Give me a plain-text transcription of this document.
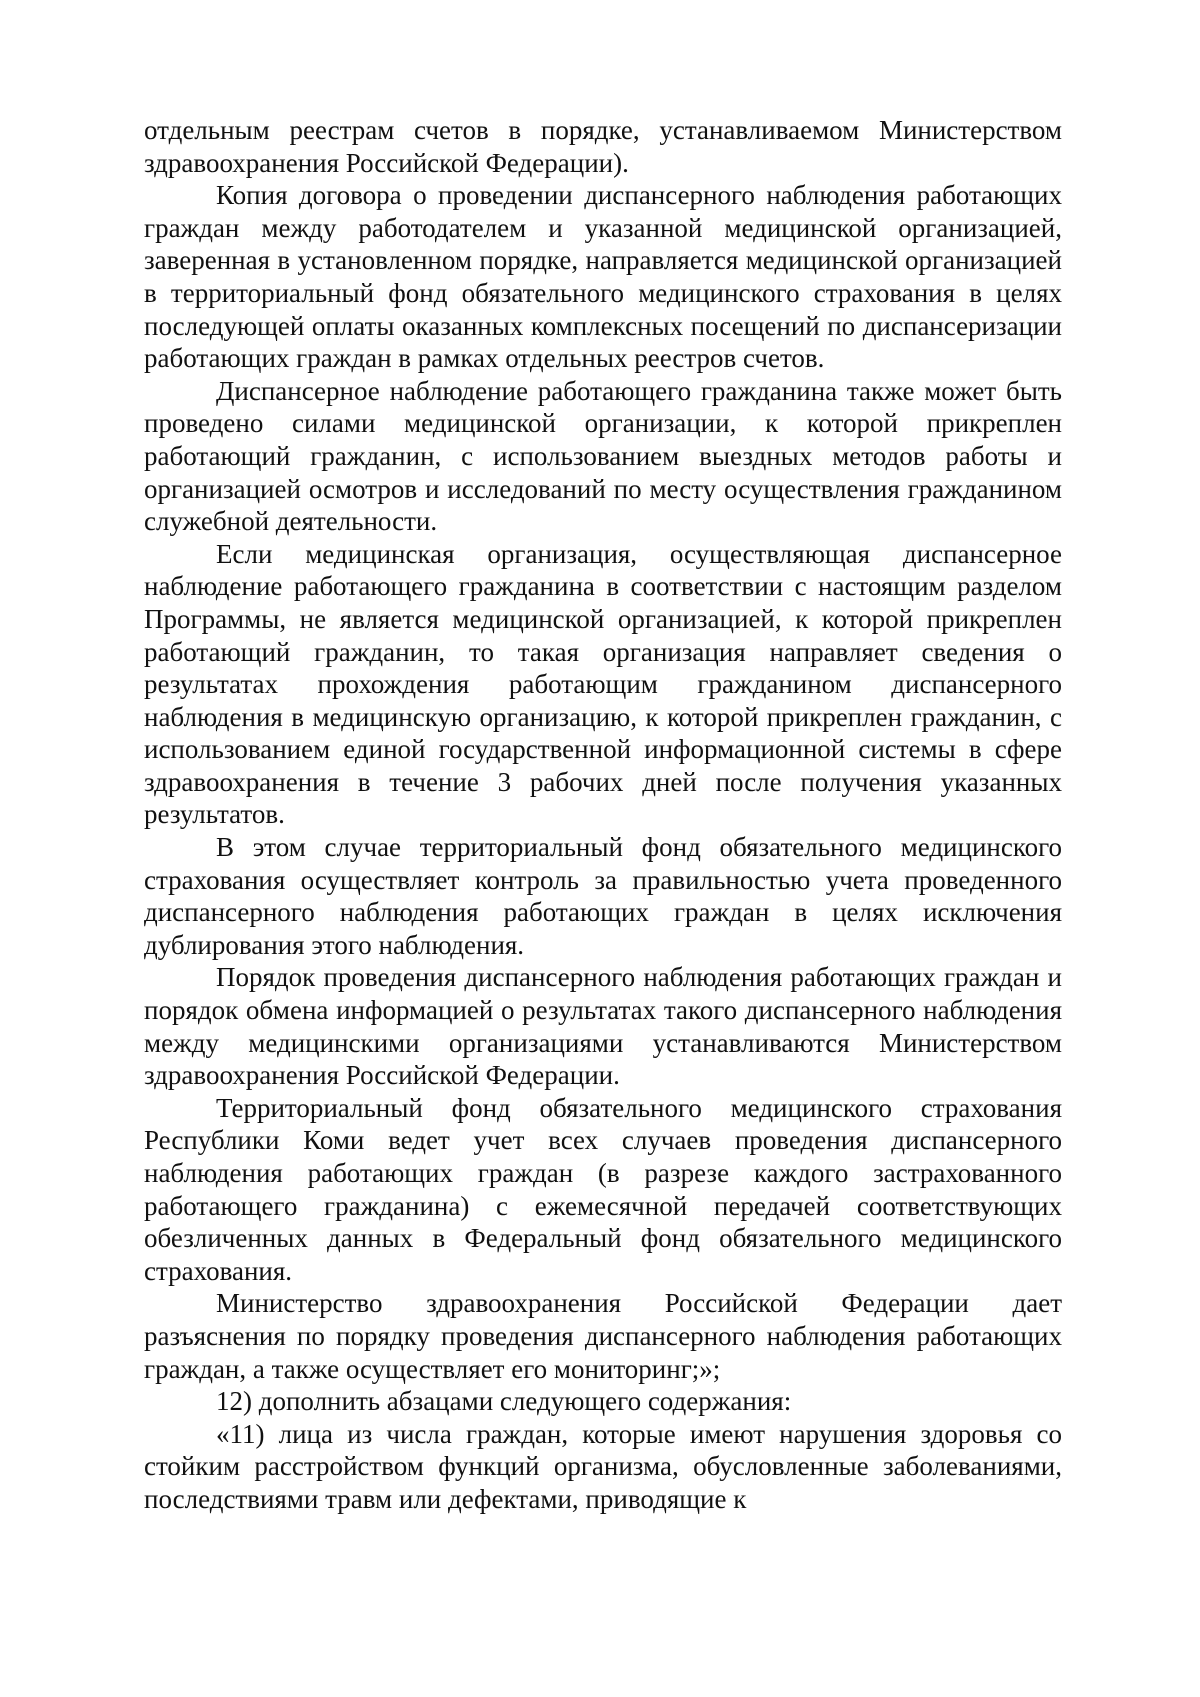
отдельным реестрам счетов в порядке, устанавливаемом Министерством здравоохранения Российской Федерации).

Копия договора о проведении диспансерного наблюдения работающих граждан между работодателем и указанной медицинской организацией, заверенная в установленном порядке, направляется медицинской организацией в территориальный фонд обязательного медицинского страхования в целях последующей оплаты оказанных комплексных посещений по диспансеризации работающих граждан в рамках отдельных реестров счетов.

Диспансерное наблюдение работающего гражданина также может быть проведено силами медицинской организации, к которой прикреплен работающий гражданин, с использованием выездных методов работы и организацией осмотров и исследований по месту осуществления гражданином служебной деятельности.

Если медицинская организация, осуществляющая диспансерное наблюдение работающего гражданина в соответствии с настоящим разделом Программы, не является медицинской организацией, к которой прикреплен работающий гражданин, то такая организация направляет сведения о результатах прохождения работающим гражданином диспансерного наблюдения в медицинскую организацию, к которой прикреплен гражданин, с использованием единой государственной информационной системы в сфере здравоохранения в течение 3 рабочих дней после получения указанных результатов.

В этом случае территориальный фонд обязательного медицинского страхования осуществляет контроль за правильностью учета проведенного диспансерного наблюдения работающих граждан в целях исключения дублирования этого наблюдения.

Порядок проведения диспансерного наблюдения работающих граждан и порядок обмена информацией о результатах такого диспансерного наблюдения между медицинскими организациями устанавливаются Министерством здравоохранения Российской Федерации.

Территориальный фонд обязательного медицинского страхования Республики Коми ведет учет всех случаев проведения диспансерного наблюдения работающих граждан (в разрезе каждого застрахованного работающего гражданина) с ежемесячной передачей соответствующих обезличенных данных в Федеральный фонд обязательного медицинского страхования.

Министерство здравоохранения Российской Федерации дает разъяснения по порядку проведения диспансерного наблюдения работающих граждан, а также осуществляет его мониторинг;»;

12) дополнить абзацами следующего содержания:

«11) лица из числа граждан, которые имеют нарушения здоровья со стойким расстройством функций организма, обусловленные заболеваниями, последствиями травм или дефектами, приводящие к
